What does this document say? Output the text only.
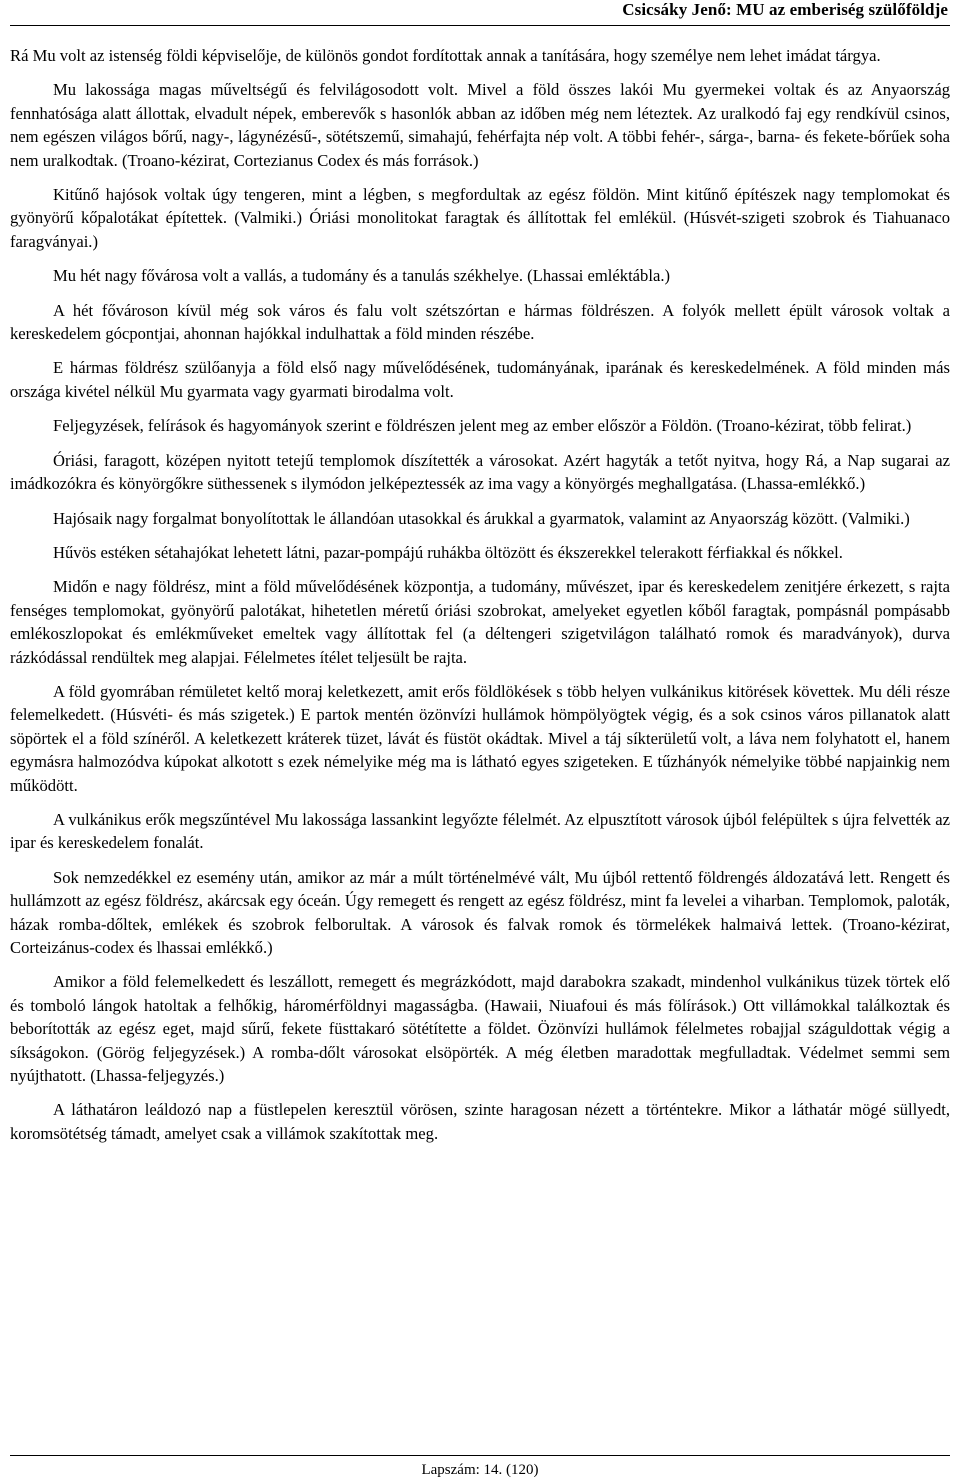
Csicsáky Jenő: MU az emberiség szülőföldje

Rá Mu volt az istenség földi képviselője, de különös gondot fordítottak annak a tanítására, hogy személye nem lehet imádat tárgya.

Mu lakossága magas műveltségű és felvilágosodott volt. Mivel a föld összes lakói Mu gyermekei voltak és az Anyaország fennhatósága alatt állottak, elvadult népek, emberevők s hasonlók abban az időben még nem léteztek. Az uralkodó faj egy rendkívül csinos, nem egészen világos bőrű, nagy-, lágynézésű-, sötétszemű, simahajú, fehérfajta nép volt. A többi fehér-, sárga-, barna- és fekete-bőrűek soha nem uralkodtak. (Troano-kézirat, Cortezianus Codex és más források.)

Kitűnő hajósok voltak úgy tengeren, mint a légben, s megfordultak az egész földön. Mint kitűnő építészek nagy templomokat és gyönyörű kőpalotákat építettek. (Valmiki.) Óriási monolitokat faragtak és állítottak fel emlékül. (Húsvét-szigeti szobrok és Tiahuanaco faragványai.)

Mu hét nagy fővárosa volt a vallás, a tudomány és a tanulás székhelye. (Lhassai emléktábla.)

A hét fővároson kívül még sok város és falu volt szétszórtan e hármas földrészen. A folyók mellett épült városok voltak a kereskedelem gócpontjai, ahonnan hajókkal indulhattak a föld minden részébe.

E hármas földrész szülőanyja a föld első nagy művelődésének, tudományának, iparának és kereskedelmének. A föld minden más országa kivétel nélkül Mu gyarmata vagy gyarmati birodalma volt.

Feljegyzések, felírások és hagyományok szerint e földrészen jelent meg az ember először a Földön. (Troano-kézirat, több felirat.)

Óriási, faragott, középen nyitott tetejű templomok díszítették a városokat. Azért hagyták a tetőt nyitva, hogy Rá, a Nap sugarai az imádkozókra és könyörgőkre süthessenek s ilymódon jelképeztessék az ima vagy a könyörgés meghallgatása. (Lhassa-emlékkő.)

Hajósaik nagy forgalmat bonyolítottak le állandóan utasokkal és árukkal a gyarmatok, valamint az Anyaország között. (Valmiki.)

Hűvös estéken sétahajókat lehetett látni, pazar-pompájú ruhákba öltözött és ékszerekkel telerakott férfiakkal és nőkkel.

Midőn e nagy földrész, mint a föld művelődésének központja, a tudomány, művészet, ipar és kereskedelem zenitjére érkezett, s rajta fenséges templomokat, gyönyörű palotákat, hihetetlen méretű óriási szobrokat, amelyeket egyetlen kőből faragtak, pompásnál pompásabb emlékoszlopokat és emlékműveket emeltek vagy állítottak fel (a déltengeri szigetvilágon található romok és maradványok), durva rázkódással rendültek meg alapjai. Félelmetes ítélet teljesült be rajta.

A föld gyomrában rémületet keltő moraj keletkezett, amit erős földlökések s több helyen vulkánikus kitörések követtek. Mu déli része felemelkedett. (Húsvéti- és más szigetek.) E partok mentén özönvízi hullámok hömpölyögtek végig, és a sok csinos város pillanatok alatt söpörtek el a föld színéről. A keletkezett kráterek tüzet, lávát és füstöt okádtak. Mivel a táj síkterületű volt, a láva nem folyhatott el, hanem egymásra halmozódva kúpokat alkotott s ezek némelyike még ma is látható egyes szigeteken. E tűzhányók némelyike többé napjainkig nem működött.

A vulkánikus erők megszűntével Mu lakossága lassankint legyőzte félelmét. Az elpusztított városok újból felépültek s újra felvették az ipar és kereskedelem fonalát.

Sok nemzedékkel ez esemény után, amikor az már a múlt történelmévé vált, Mu újból rettentő földrengés áldozatává lett. Rengett és hullámzott az egész földrész, akárcsak egy óceán. Úgy remegett és rengett az egész földrész, mint fa levelei a viharban. Templomok, paloták, házak romba-dőltek, emlékek és szobrok felborultak. A városok és falvak romok és törmelékek halmaivá lettek. (Troano-kézirat, Corteizánus-codex és lhassai emlékkő.)

Amikor a föld felemelkedett és leszállott, remegett és megrázkódott, majd darabokra szakadt, mindenhol vulkánikus tüzek törtek elő és tomboló lángok hatoltak a felhőkig, háromérföldnyi magasságba. (Hawaii, Niuafoui és más fölírások.) Ott villámokkal találkoztak és beborították az egész eget, majd sűrű, fekete füsttakaró sötétítette a földet. Özönvízi hullámok félelmetes robajjal száguldottak végig a síkságokon. (Görög feljegyzések.) A romba-dőlt városokat elsöpörték. A még életben maradottak megfulladtak. Védelmet semmi sem nyújthatott. (Lhassa-feljegyzés.)

A láthatáron leáldozó nap a füstlepelen keresztül vörösen, szinte haragosan nézett a történtekre. Mikor a láthatár mögé süllyedt, koromsötétség támadt, amelyet csak a villámok szakítottak meg.

Lapszám: 14. (120)
